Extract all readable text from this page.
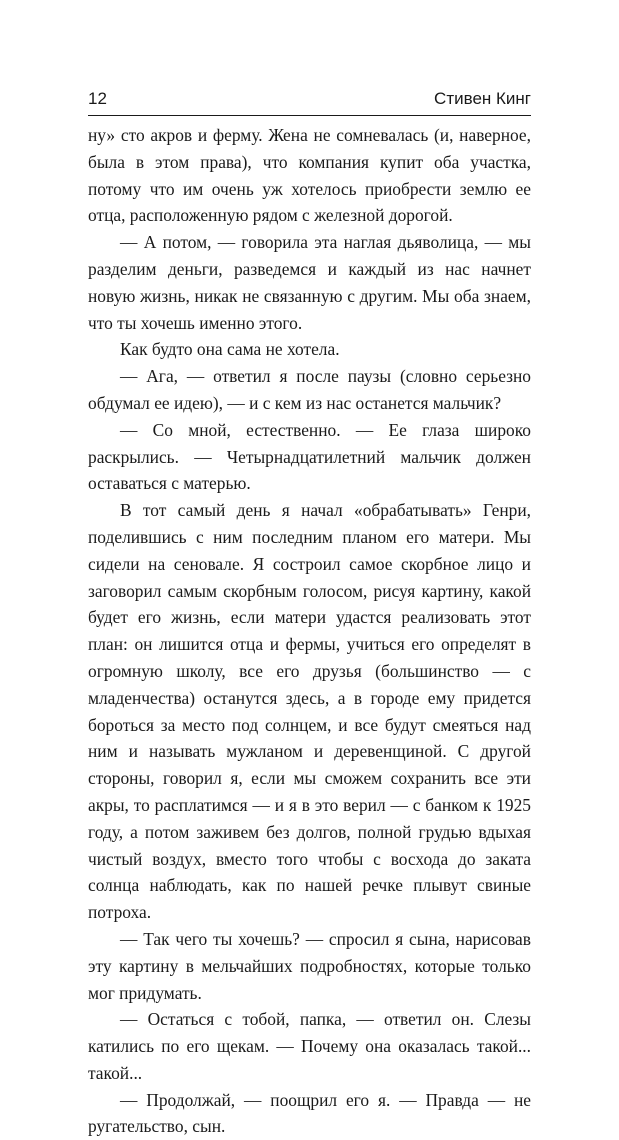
12	Стивен Кинг

ну» сто акров и ферму. Жена не сомневалась (и, наверное, была в этом права), что компания купит оба участка, потому что им очень уж хотелось приобрести землю ее отца, расположенную рядом с железной дорогой.

— А потом, — говорила эта наглая дьяволица, — мы разделим деньги, разведемся и каждый из нас начнет новую жизнь, никак не связанную с другим. Мы оба знаем, что ты хочешь именно этого.

Как будто она сама не хотела.

— Ага, — ответил я после паузы (словно серьезно обдумал ее идею), — и с кем из нас останется мальчик?

— Со мной, естественно. — Ее глаза широко раскрылись. — Четырнадцатилетний мальчик должен оставаться с матерью.

В тот самый день я начал «обрабатывать» Генри, поделившись с ним последним планом его матери. Мы сидели на сеновале. Я состроил самое скорбное лицо и заговорил самым скорбным голосом, рисуя картину, какой будет его жизнь, если матери удастся реализовать этот план: он лишится отца и фермы, учиться его определят в огромную школу, все его друзья (большинство — с младенчества) останутся здесь, а в городе ему придется бороться за место под солнцем, и все будут смеяться над ним и называть мужланом и деревенщиной. С другой стороны, говорил я, если мы сможем сохранить все эти акры, то расплатимся — и я в это верил — с банком к 1925 году, а потом заживем без долгов, полной грудью вдыхая чистый воздух, вместо того чтобы с восхода до заката солнца наблюдать, как по нашей речке плывут свиные потроха.

— Так чего ты хочешь? — спросил я сына, нарисовав эту картину в мельчайших подробностях, которые только мог придумать.

— Остаться с тобой, папка, — ответил он. Слезы катились по его щекам. — Почему она оказалась такой... такой...

— Продолжай, — поощрил его я. — Правда — не ругательство, сын.
